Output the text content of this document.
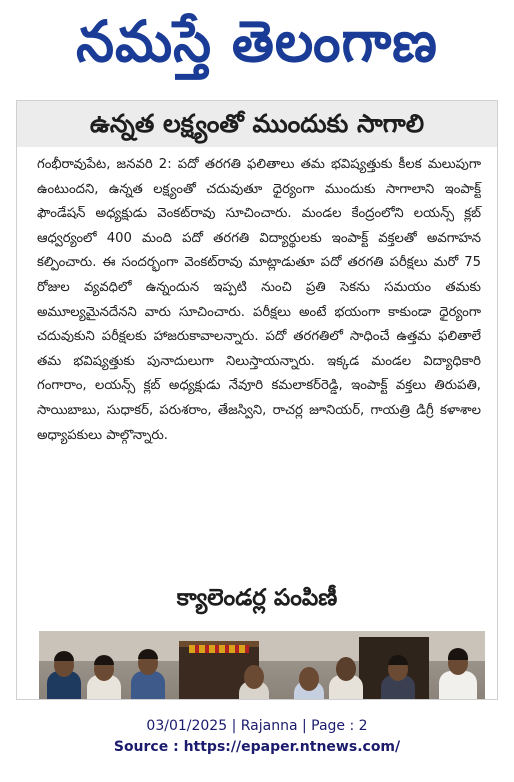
నమస్తే తెలంగాణ
ఉన్నత లక్ష్యంతో ముందుకు సాగాలి

గంభీరావుపేట, జనవరి 2: పదో తరగతి ఫలితాలు తమ భవిష్యత్తుకు కీలక మలుపుగా ఉంటుందని, ఉన్నత లక్ష్యంతో చదువుతూ ధైర్యంగా ముందుకు సాగాలాని ఇంపాక్ట్ ఫౌండేషన్ అధ్యక్షుడు వెంకట్‌రావు సూచించారు. మండల కేంద్రంలోని లయన్స్ క్లబ్ ఆధ్వర్యంలో 400 మంది పదో తరగతి విద్యార్థులకు ఇంపాక్ట్ వక్తలతో అవగాహన కల్పించారు. ఈ సందర్భంగా వెంకట్‌రావు మాట్లాడుతూ పదో తరగతి పరీక్షలు మరో 75 రోజుల వ్యవధిలో ఉన్నందున ఇప్పటి నుంచి ప్రతి సెకను సమయం తమకు అమూల్యమైనదేనని వారు సూచించారు. పరీక్షలు అంటే భయంగా కాకుండా ధైర్యంగా చదువుకుని పరీక్షలకు హాజరుకావాలన్నారు. పదో తరగతిలో సాధించే ఉత్తమ ఫలితాలే తమ భవిష్యత్తుకు పునాదులుగా నిలుస్తాయన్నారు. ఇక్కడ మండల విద్యాధికారి గంగారాం, లయన్స్ క్లబ్ అధ్యక్షుడు నేవూరి కమలాకర్‌రెడ్డి, ఇంపాక్ట్ వక్తలు తిరుపతి, సాయిబాబు, సుధాకర్, పరుశరాం, తేజస్విని, రాచర్ల జూనియర్, గాయత్రి డిగ్రీ కళాశాల అధ్యాపకులు పాల్గొన్నారు.

క్యాలెండర్ల పంపిణీ
03/01/2025 | Rajanna | Page : 2
Source : https://epaper.ntnews.com/
